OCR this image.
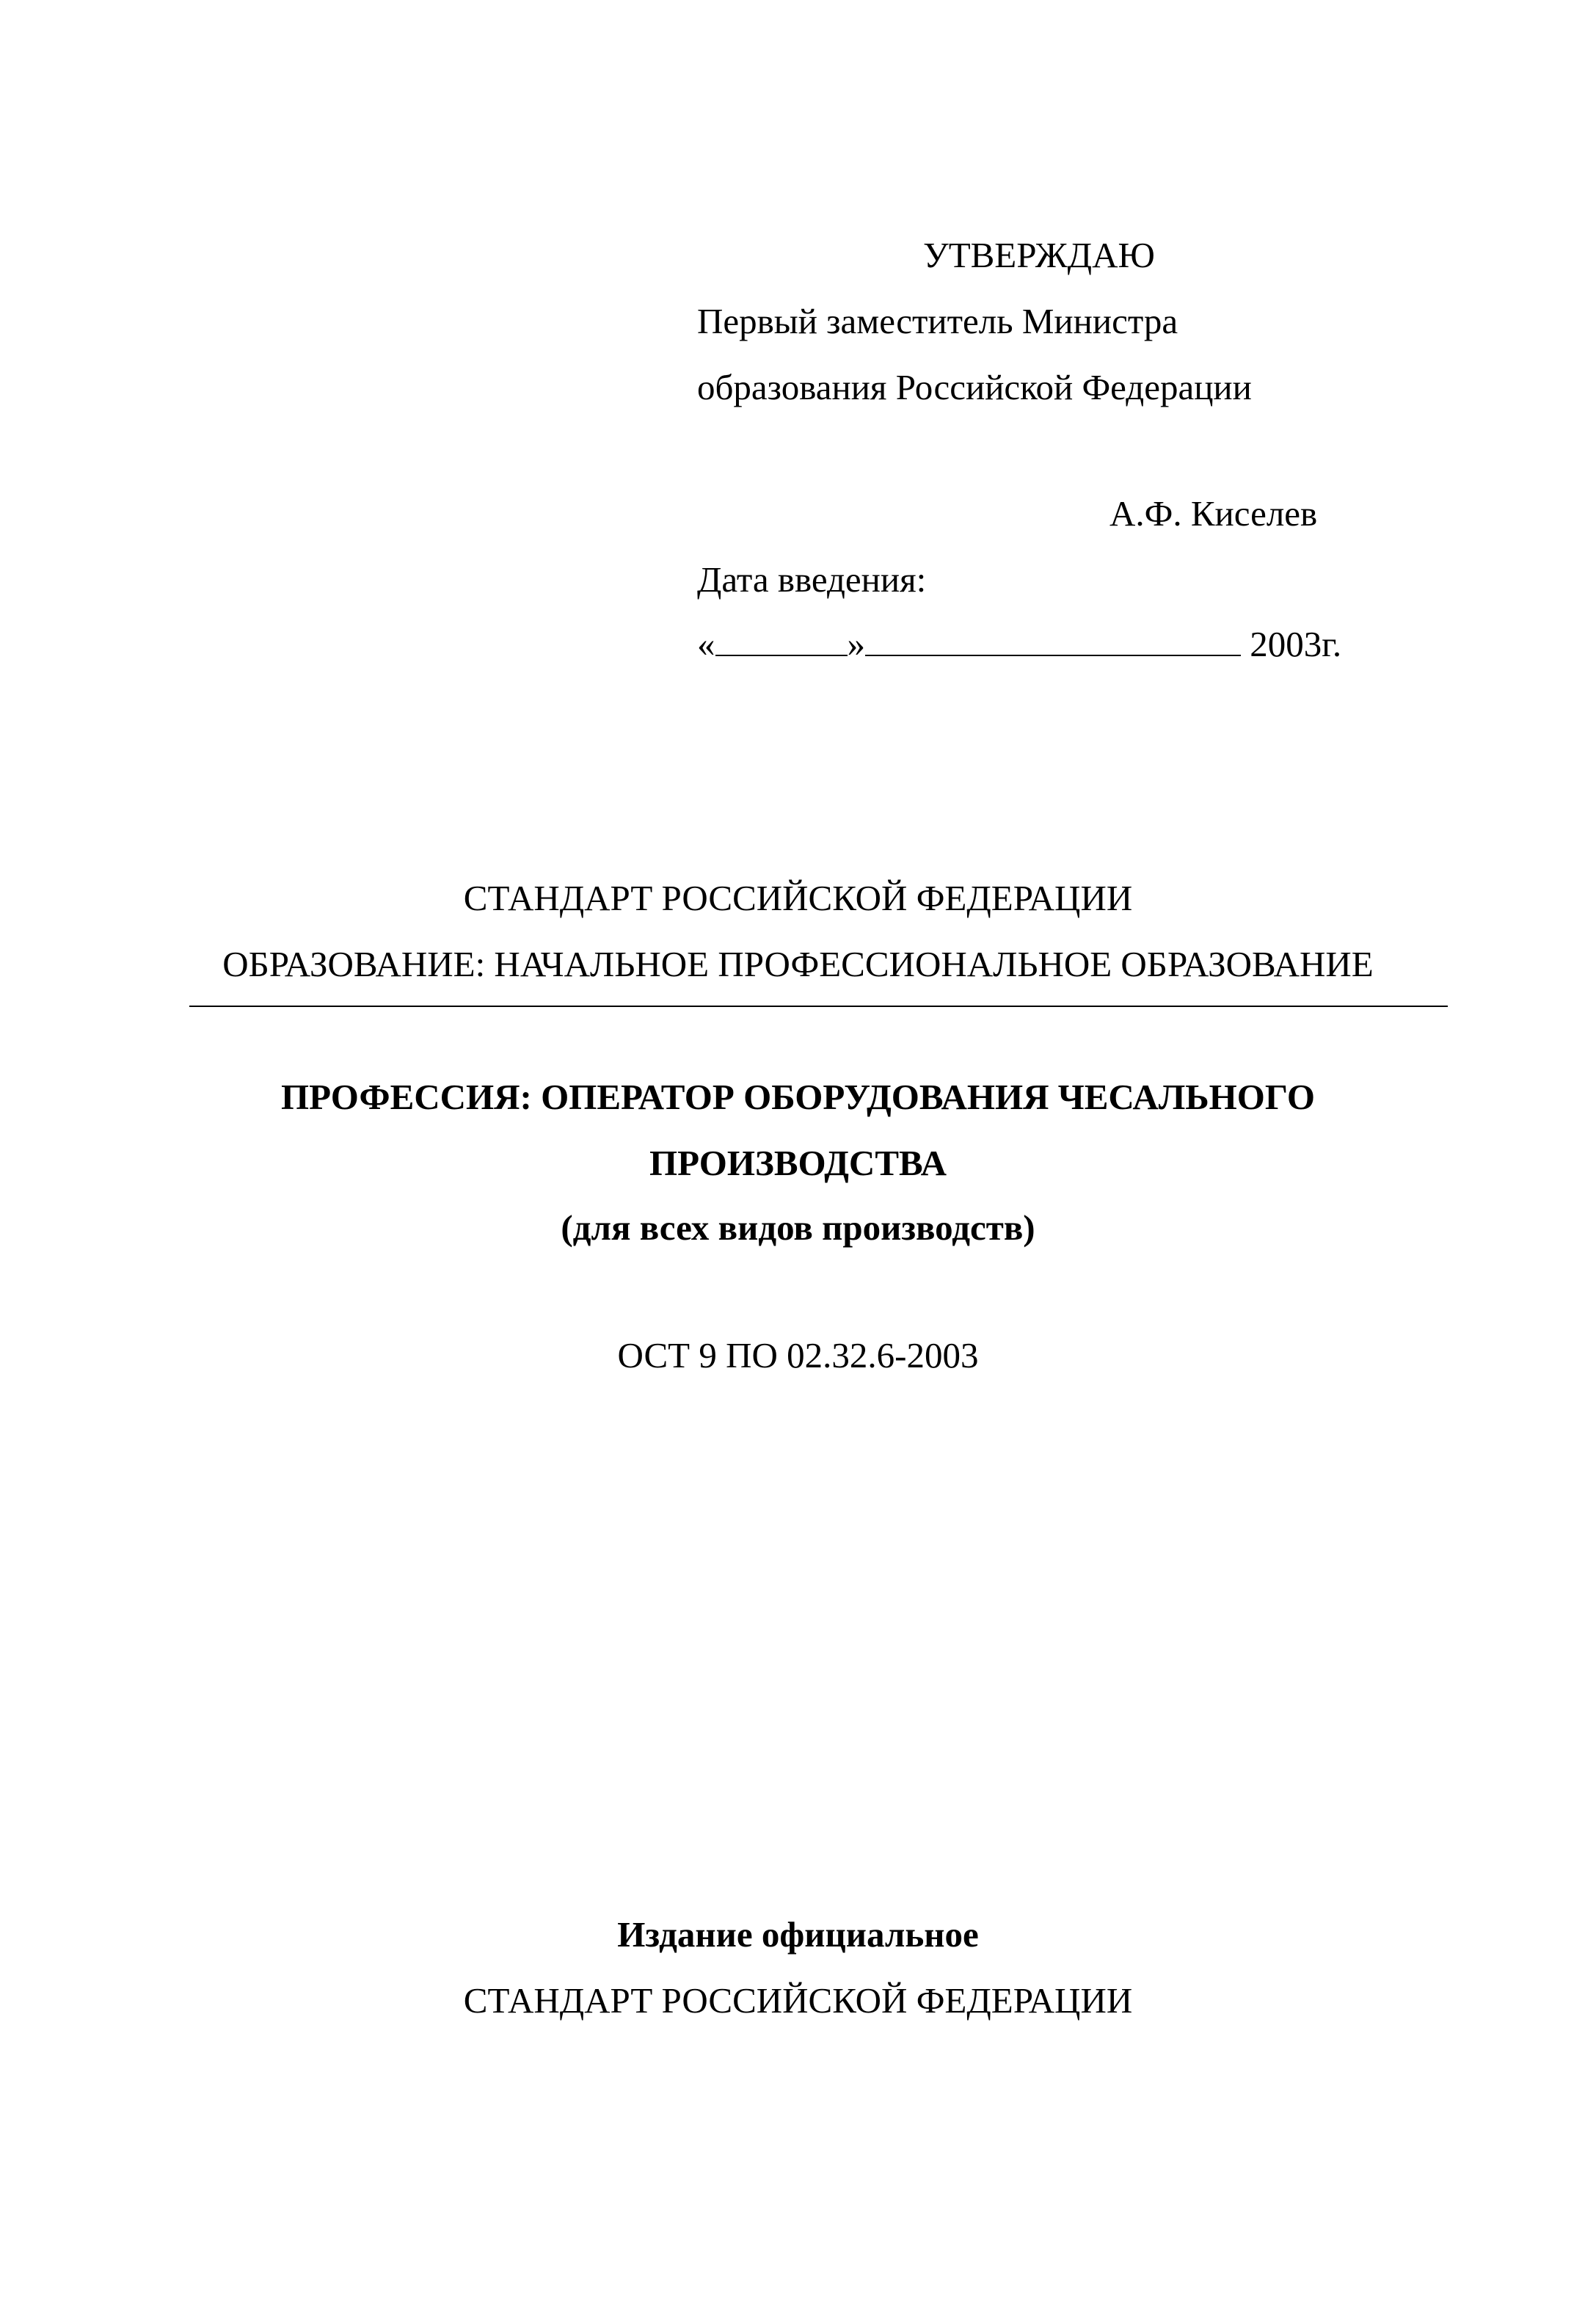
УТВЕРЖДАЮ
Первый заместитель Министра
образования Российской Федерации
А.Ф. Киселев
Дата введения:
«	»	2003г.
СТАНДАРТ РОССИЙСКОЙ ФЕДЕРАЦИИ
ОБРАЗОВАНИЕ: НАЧАЛЬНОЕ ПРОФЕССИОНАЛЬНОЕ ОБРАЗОВАНИЕ
ПРОФЕССИЯ: ОПЕРАТОР ОБОРУДОВАНИЯ ЧЕСАЛЬНОГО
ПРОИЗВОДСТВА
(для всех видов производств)
ОСТ 9 ПО 02.32.6-2003
Издание официальное
СТАНДАРТ РОССИЙСКОЙ ФЕДЕРАЦИИ
